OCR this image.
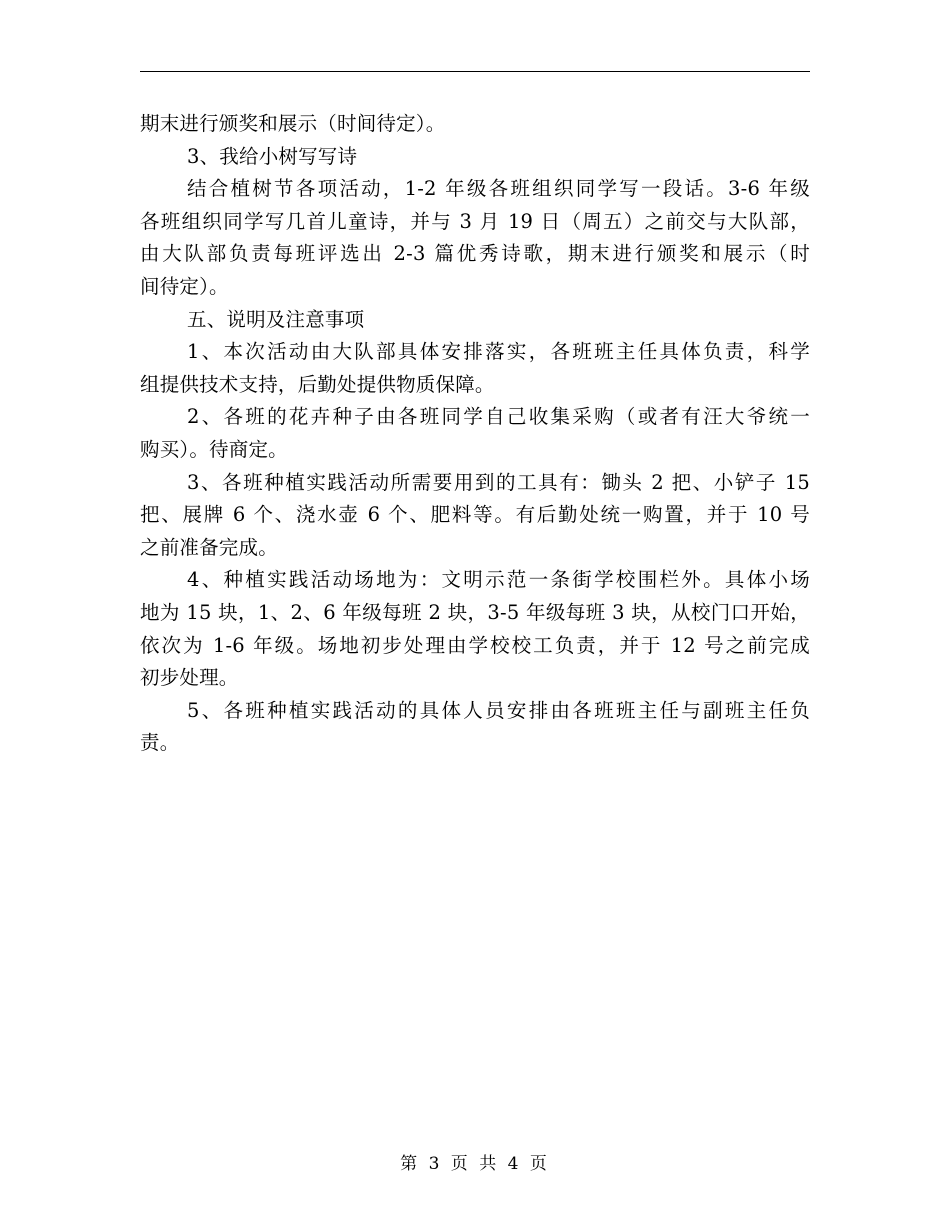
期末进行颁奖和展示（时间待定）。
3、我给小树写写诗
结合植树节各项活动，1-2 年级各班组织同学写一段话。3-6 年级
各班组织同学写几首儿童诗，并与 3 月 19 日（周五）之前交与大队部，
由大队部负责每班评选出 2-3 篇优秀诗歌，期末进行颁奖和展示（时
间待定）。
五、说明及注意事项
1、本次活动由大队部具体安排落实，各班班主任具体负责，科学
组提供技术支持，后勤处提供物质保障。
2、各班的花卉种子由各班同学自己收集采购（或者有汪大爷统一
购买）。待商定。
3、各班种植实践活动所需要用到的工具有：锄头 2 把、小铲子 15
把、展牌 6 个、浇水壶 6 个、肥料等。有后勤处统一购置，并于 10 号
之前准备完成。
4、种植实践活动场地为：文明示范一条街学校围栏外。具体小场
地为 15 块，1、2、6 年级每班 2 块，3-5 年级每班 3 块，从校门口开始，
依次为 1-6 年级。场地初步处理由学校校工负责，并于 12 号之前完成
初步处理。
5、各班种植实践活动的具体人员安排由各班班主任与副班主任负
责。
第 3 页 共 4 页
